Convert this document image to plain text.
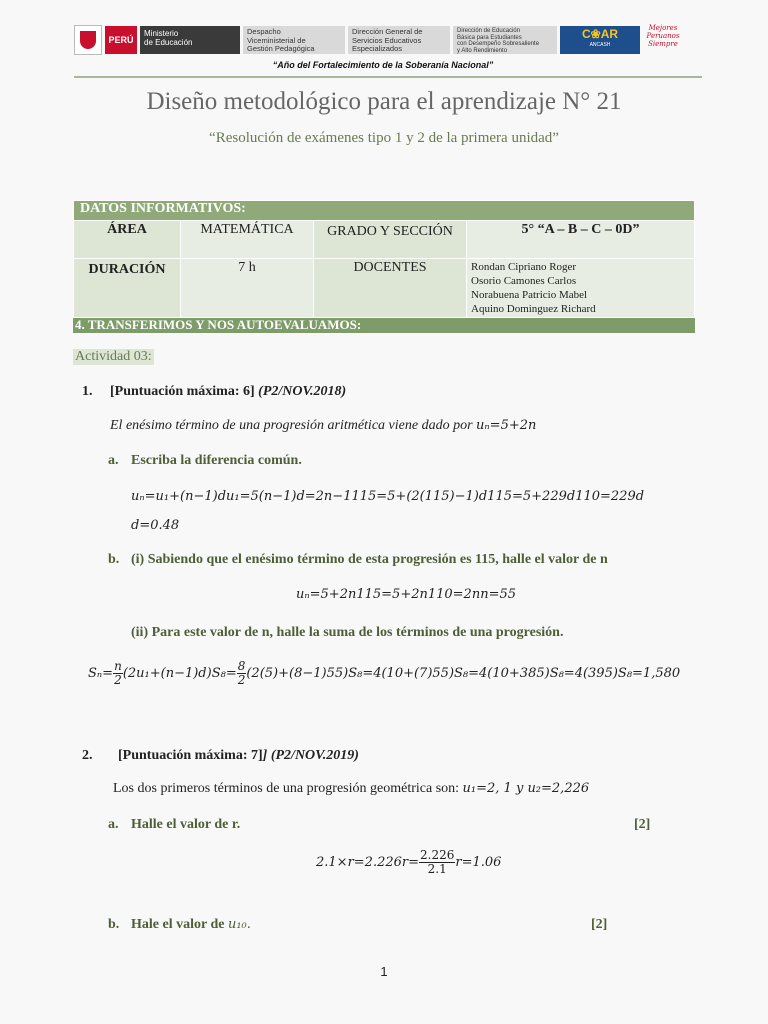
PERÚ
Ministerio
de Educación
Despacho
Viceministerial de
Gestión Pedagógica
Dirección General de
Servicios Educativos
Especializados
Dirección de Educación
Básica para Estudiantes
con Desempeño Sobresaliente
y Alto Rendimiento
C❀AR
ANCASH
Mejores
Peruanos
Siempre
“Año del Fortalecimiento de la Soberanía Nacional”
Diseño metodológico para el aprendizaje N° 21
“Resolución de exámenes tipo 1 y 2 de la primera unidad”
DATOS INFORMATIVOS:			
ÁREA	MATEMÁTICA	GRADO Y SECCIÓN	5° “A – B – C – 0D”
DURACIÓN	7 h	DOCENTES	Rondan Cipriano Roger
Osorio Camones Carlos
Norabuena Patricio Mabel
Aquino Dominguez Richard
4. TRANSFERIMOS Y NOS AUTOEVALUAMOS:
Actividad 03:
1. [Puntuación máxima: 6] (P2/NOV.2018)
El enésimo término de una progresión aritmética viene dado por uₙ=5+2n
a. Escriba la diferencia común.
uₙ=u₁+(n−1)du₁=5(n−1)d=2n−1115=5+(2(115)−1)d115=5+229d110=229d
d=0.48
b. (i) Sabiendo que el enésimo término de esta progresión es 115, halle el valor de n
uₙ=5+2n115=5+2n110=2nn=55
(ii) Para este valor de n, halle la suma de los términos de una progresión.
$S_n= \frac{n}{2} (2u_1+(n-1)d)S_8= \frac{8}{2} (2(5)+(8-1)55)S_8=4(10+(7)55)S_8=4(10+385)S_8=4(395)S_8=1,580$
2. [Puntuación máxima: 7]] (P2/NOV.2019)
Los dos primeros términos de una progresión geométrica son: u₁=2, 1 y u₂=2,226
a. Halle el valor de r.	[2]
$2.1\times r=2.226r= \frac{2.226}{2.1} r=1.06$
b. Hale el valor de u₁₀.	[2]
1
